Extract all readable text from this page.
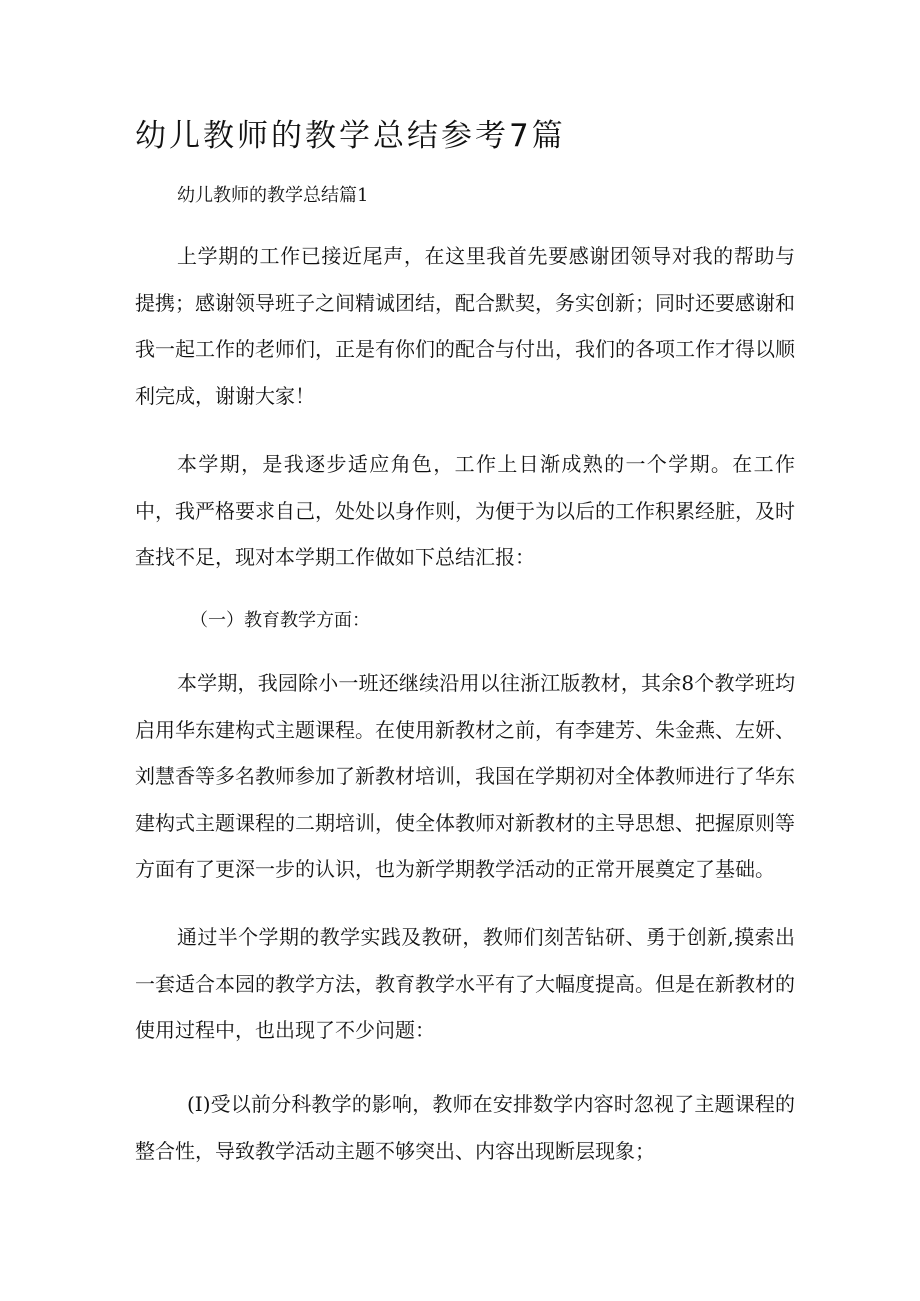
幼儿教师的教学总结参考7篇

幼儿教师的教学总结篇1

上学期的工作已接近尾声，在这里我首先要感谢团领导对我的帮助与提携；感谢领导班子之间精诚团结，配合默契，务实创新；同时还要感谢和我一起工作的老师们，正是有你们的配合与付出，我们的各项工作才得以顺利完成，谢谢大家！

本学期，是我逐步适应角色，工作上日渐成熟的一个学期。在工作中，我严格要求自己，处处以身作则，为便于为以后的工作积累经脏，及时查找不足，现对本学期工作做如下总结汇报：

（一）教育教学方面：

本学期，我园除小一班还继续沿用以往浙江版教材，其余8个教学班均启用华东建构式主题课程。在使用新教材之前，有李建芳、朱金燕、左妍、刘慧香等多名教师参加了新教材培训，我国在学期初对全体教师进行了华东建构式主题课程的二期培训，使全体教师对新教材的主导思想、把握原则等方面有了更深一步的认识，也为新学期教学活动的正常开展奠定了基础。

通过半个学期的教学实践及教研，教师们刻苦钻研、勇于创新,摸索出一套适合本园的教学方法，教育教学水平有了大幅度提高。但是在新教材的使用过程中，也出现了不少问题：

(I)受以前分科教学的影响，教师在安排数学内容时忽视了主题课程的整合性，导致教学活动主题不够突出、内容出现断层现象；
